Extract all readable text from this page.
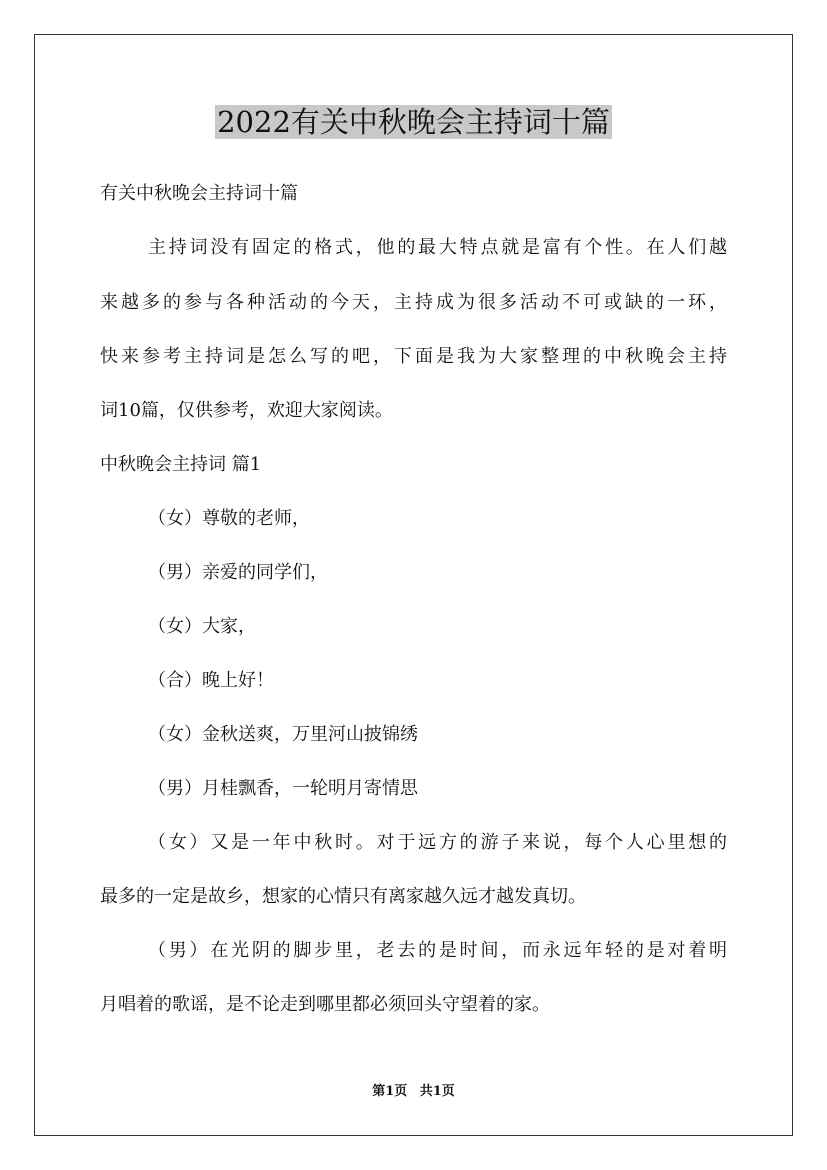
2022有关中秋晚会主持词十篇
有关中秋晚会主持词十篇
主持词没有固定的格式，他的最大特点就是富有个性。在人们越
来越多的参与各种活动的今天，主持成为很多活动不可或缺的一环，
快来参考主持词是怎么写的吧，下面是我为大家整理的中秋晚会主持
词10篇，仅供参考，欢迎大家阅读。
中秋晚会主持词 篇1
（女）尊敬的老师，
（男）亲爱的同学们，
（女）大家，
（合）晚上好！
（女）金秋送爽，万里河山披锦绣
（男）月桂飘香，一轮明月寄情思
（女）又是一年中秋时。对于远方的游子来说，每个人心里想的
最多的一定是故乡，想家的心情只有离家越久远才越发真切。
（男）在光阴的脚步里，老去的是时间，而永远年轻的是对着明
月唱着的歌谣，是不论走到哪里都必须回头守望着的家。
第1页 共1页
